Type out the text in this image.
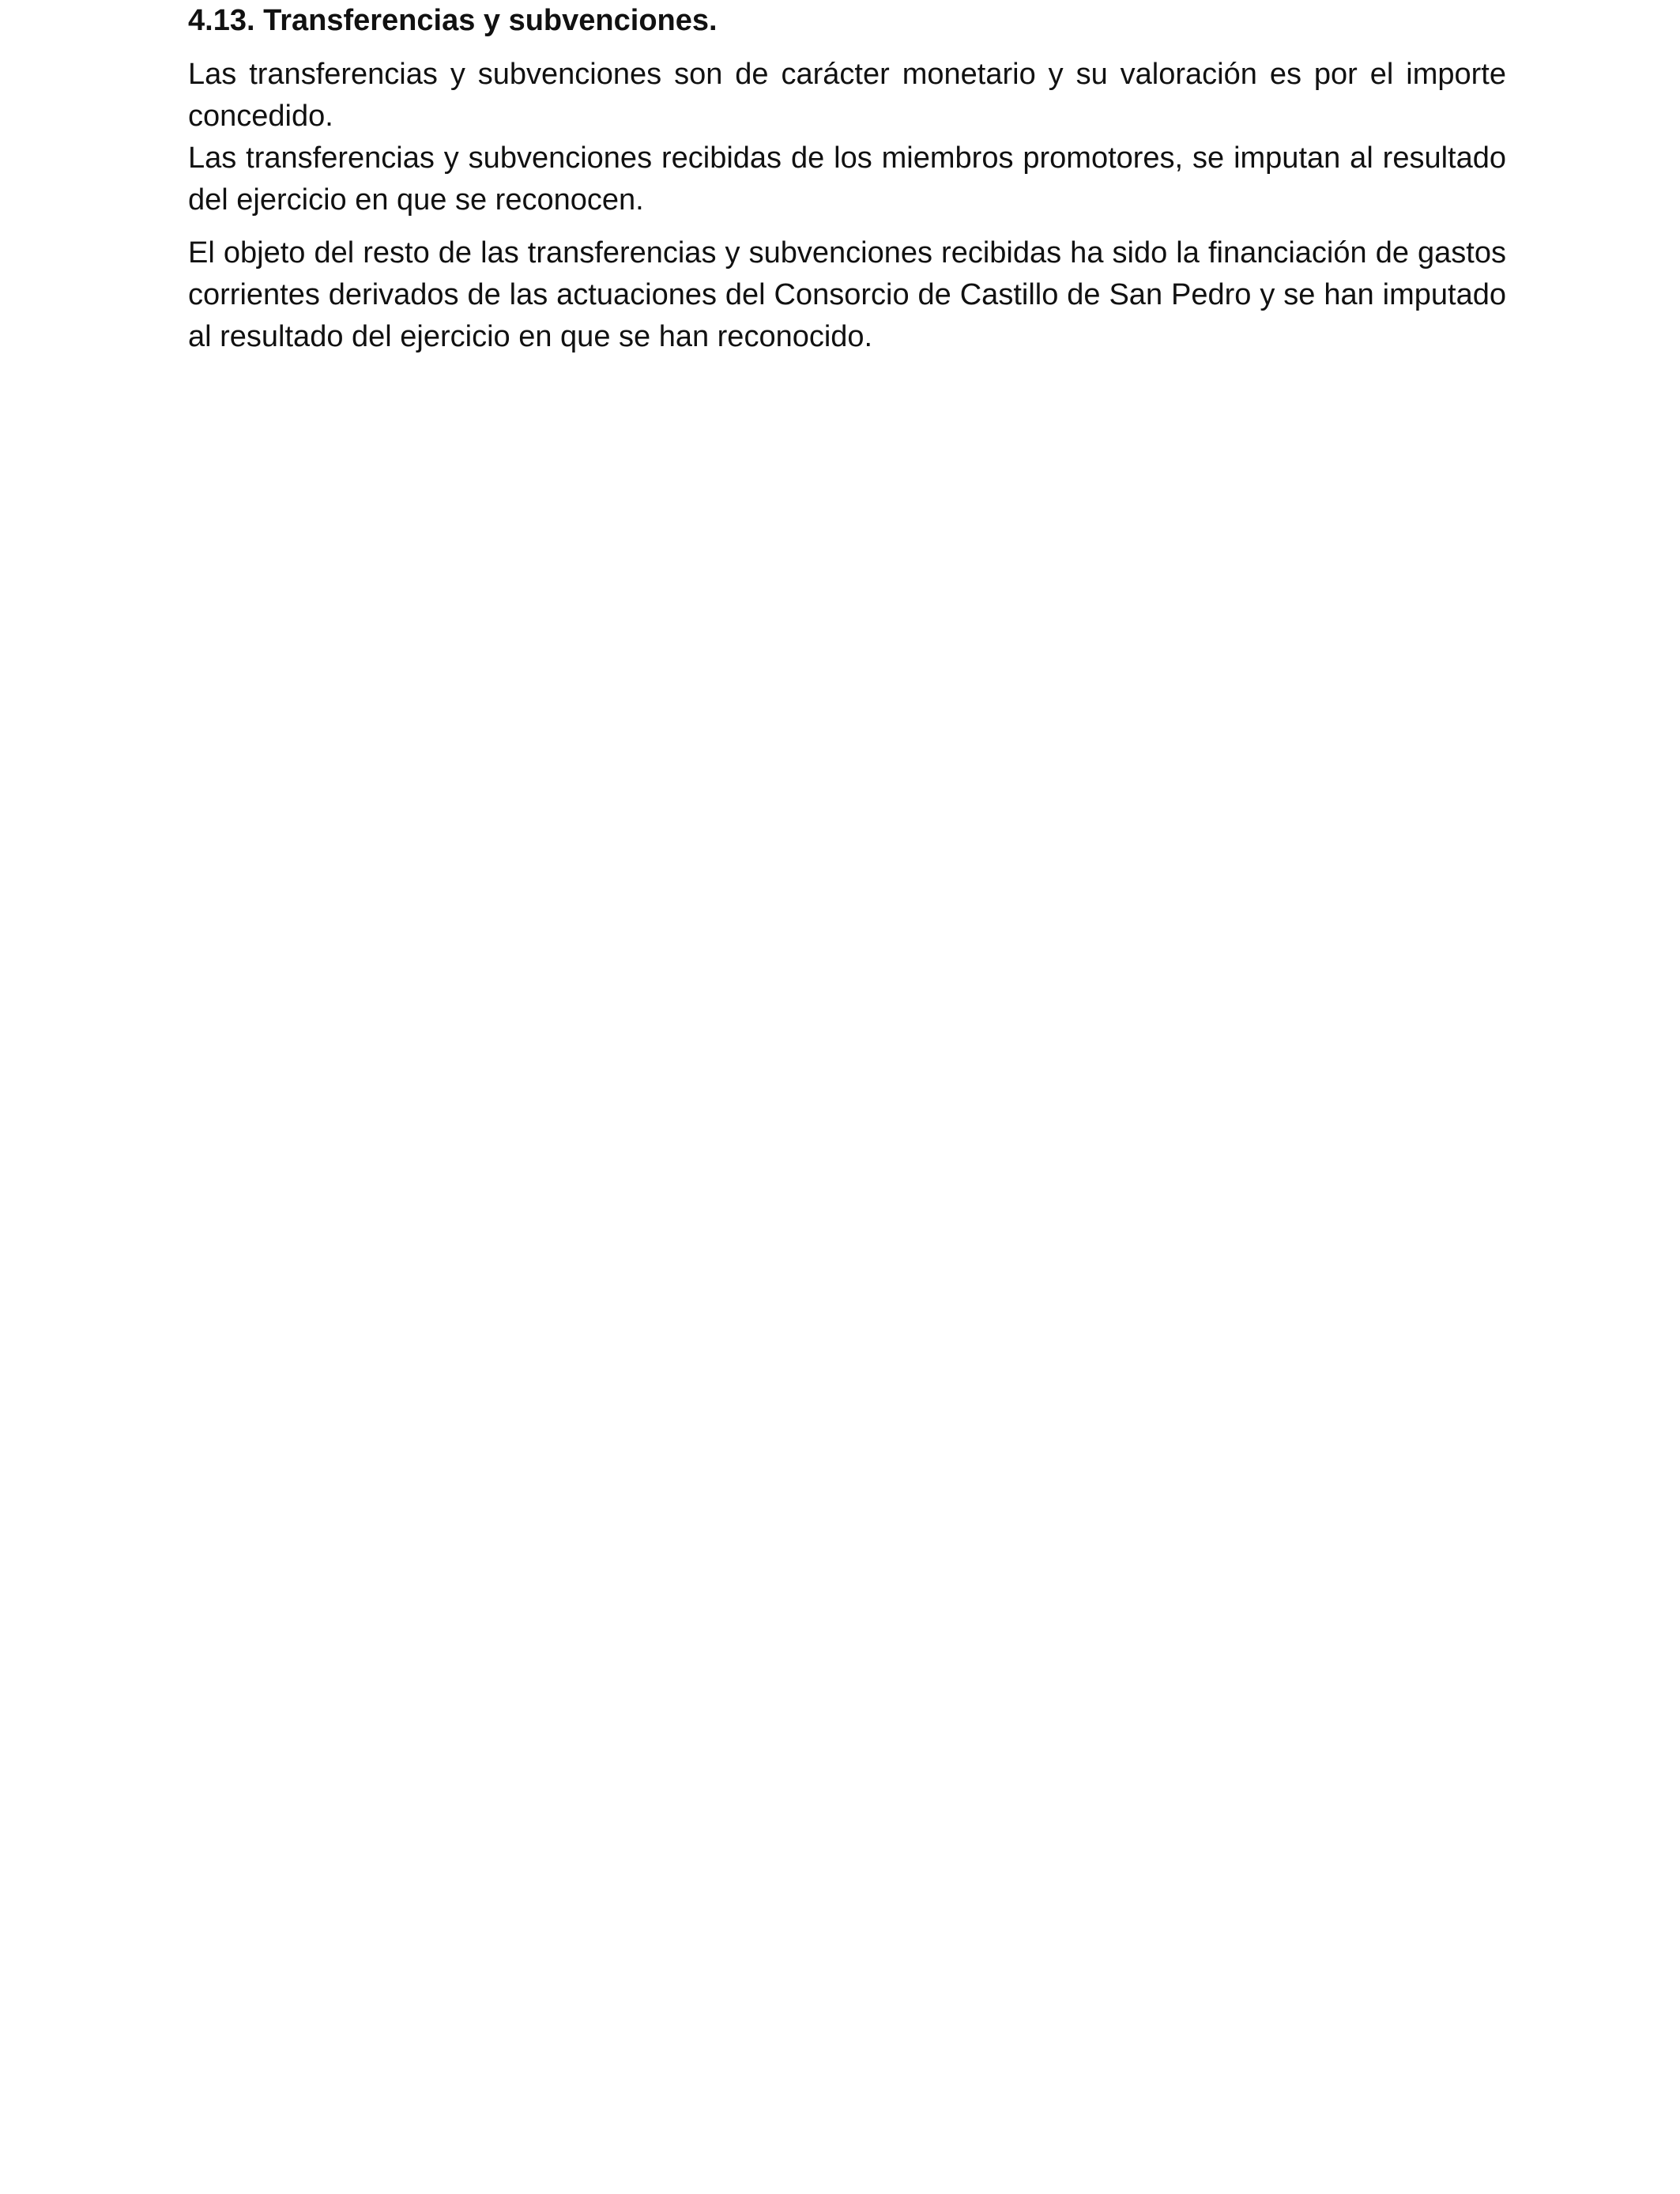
4.13. Transferencias y subvenciones.

Las transferencias y subvenciones son de carácter monetario y su valoración es por el importe concedido.

Las transferencias y subvenciones recibidas de los miembros promotores, se imputan al resultado del ejercicio en que se reconocen.

El objeto del resto de las transferencias y subvenciones recibidas ha sido la financiación de gastos corrientes derivados de las actuaciones del Consorcio de Castillo de San Pedro y se han imputado al resultado del ejercicio en que se han reconocido.
